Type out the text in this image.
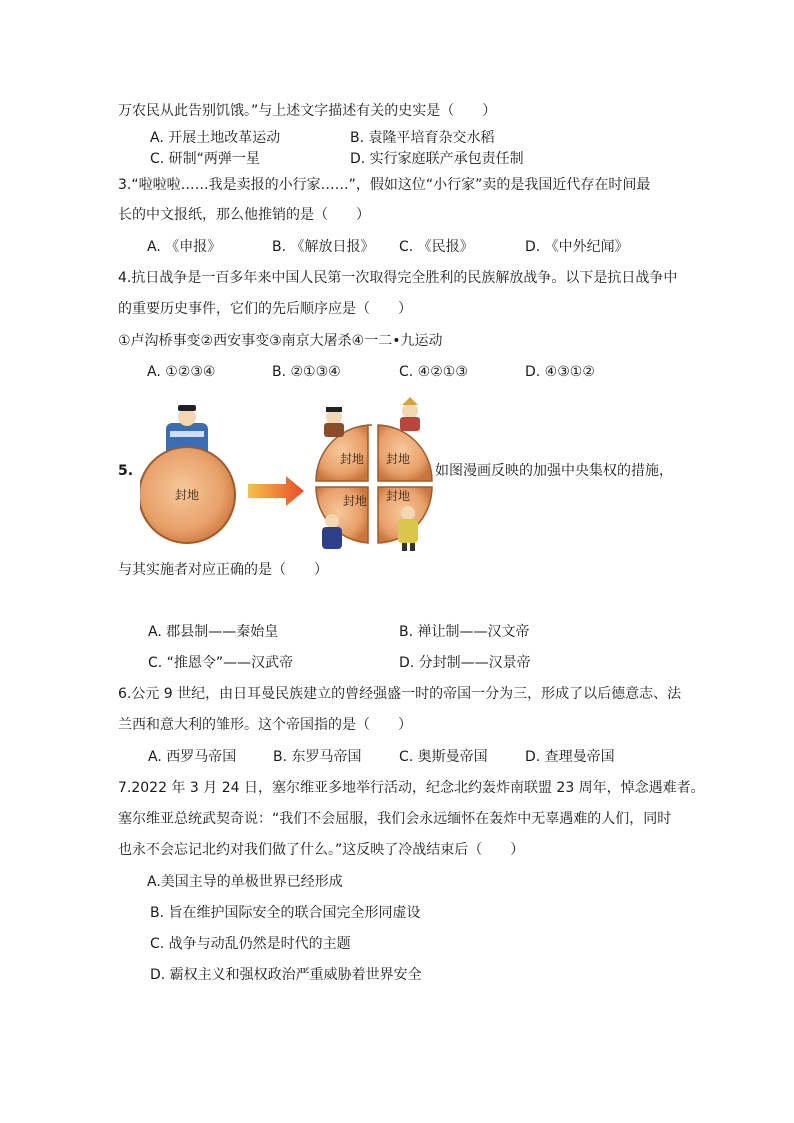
万农民从此告别饥饿。”与上述文字描述有关的史实是（　　）
A. 开展土地改革运动	B. 袁隆平培育杂交水稻
C. 研制“两弹一星	D. 实行家庭联产承包责任制
3.“啦啦啦……我是卖报的小行家……”，假如这位“小行家”卖的是我国近代存在时间最
长的中文报纸，那么他推销的是（　　）
A. 《申报》	B. 《解放日报》 C. 《民报》	D. 《中外纪闻》
4.抗日战争是一百多年来中国人民第一次取得完全胜利的民族解放战争。以下是抗日战争中
的重要历史事件，它们的先后顺序应是（　　）
①卢沟桥事变②西安事变③南京大屠杀④一二•九运动
A. ①②③④	B. ②①③④	C. ④②①③	D. ④③①②
5.
封地
封地 封地
封地 封地
如图漫画反映的加强中央集权的措施，
与其实施者对应正确的是（　　）
A. 郡县制——秦始皇	B. 禅让制——汉文帝
C. “推恩令”——汉武帝	D. 分封制——汉景帝
6.公元 9 世纪，由日耳曼民族建立的曾经强盛一时的帝国一分为三，形成了以后德意志、法
兰西和意大利的雏形。这个帝国指的是（　　）
A. 西罗马帝国	B. 东罗马帝国	C. 奥斯曼帝国	D. 查理曼帝国
7.2022 年 3 月 24 日，塞尔维亚多地举行活动，纪念北约轰炸南联盟 23 周年，悼念遇难者。
塞尔维亚总统武契奇说：“我们不会屈服，我们会永远缅怀在轰炸中无辜遇难的人们，同时
也永不会忘记北约对我们做了什么。”这反映了冷战结束后（　　）
A.美国主导的单极世界已经形成
B. 旨在维护国际安全的联合国完全形同虚设
C. 战争与动乱仍然是时代的主题
D. 霸权主义和强权政治严重威胁着世界安全
